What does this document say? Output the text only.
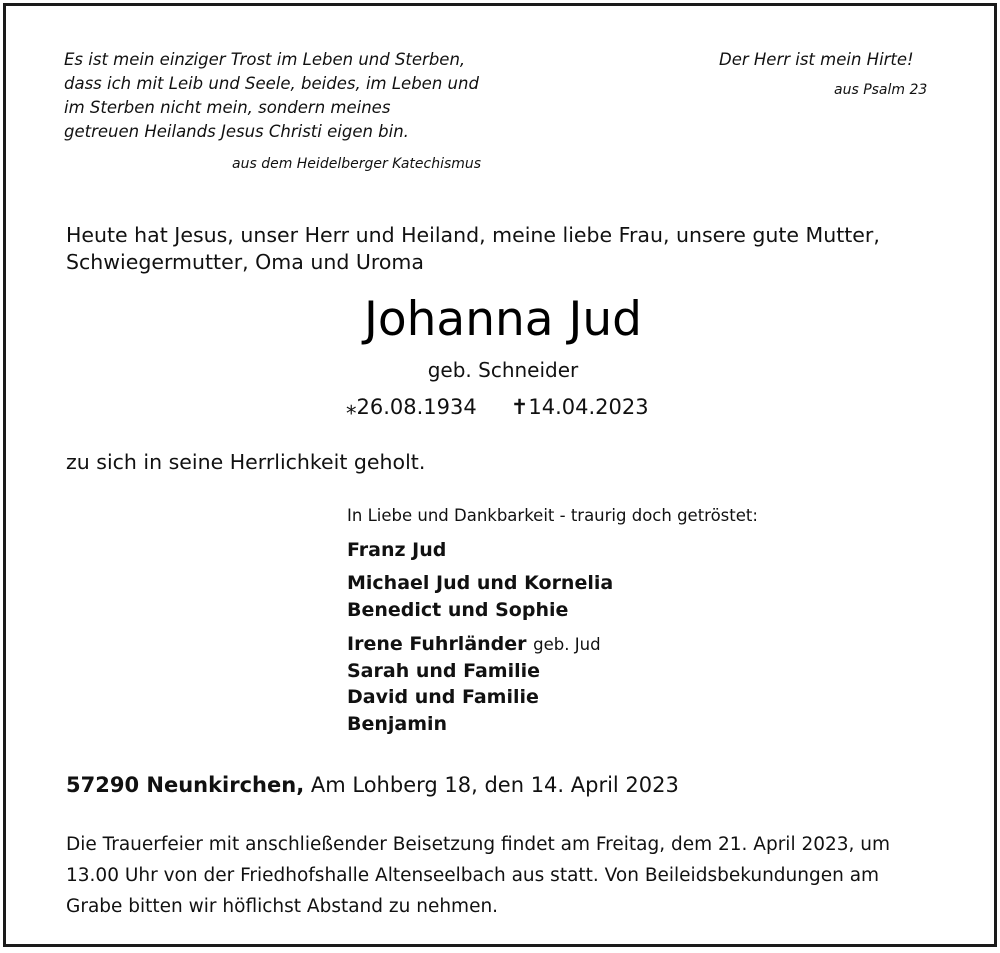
Es ist mein einziger Trost im Leben und Sterben,
dass ich mit Leib und Seele, beides, im Leben und
im Sterben nicht mein, sondern meines
getreuen Heilands Jesus Christi eigen bin.
aus dem Heidelberger Katechismus
Der Herr ist mein Hirte!
aus Psalm 23
Heute hat Jesus, unser Herr und Heiland, meine liebe Frau, unsere gute Mutter,
Schwiegermutter, Oma und Uroma
Johanna Jud
geb. Schneider
⁎26.08.1934 ✝14.04.2023
zu sich in seine Herrlichkeit geholt.
In Liebe und Dankbarkeit - traurig doch getröstet:
Franz Jud
Michael Jud und Kornelia
Benedict und Sophie
Irene Fuhrländer geb. Jud
Sarah und Familie
David und Familie
Benjamin
57290 Neunkirchen, Am Lohberg 18, den 14. April 2023
Die Trauerfeier mit anschließender Beisetzung findet am Freitag, dem 21. April 2023, um
13.00 Uhr von der Friedhofshalle Altenseelbach aus statt. Von Beileidsbekundungen am
Grabe bitten wir höflichst Abstand zu nehmen.
